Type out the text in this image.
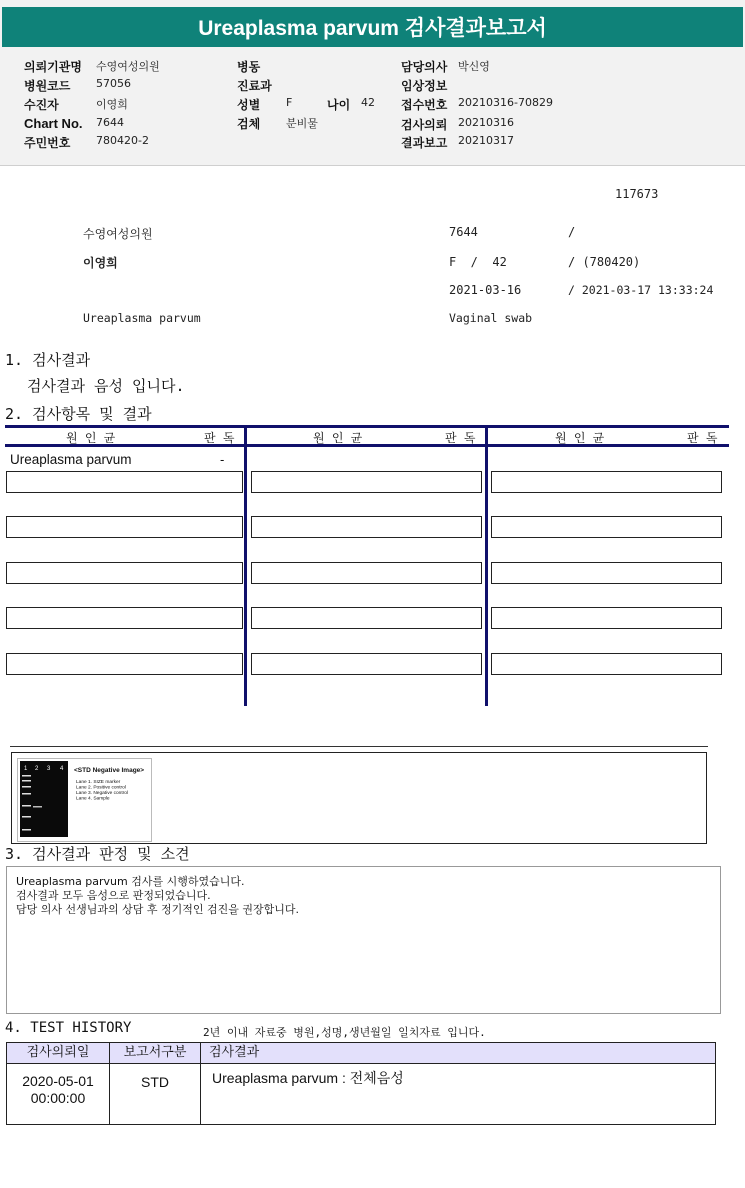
Ureaplasma parvum 검사결과보고서
의뢰기관명 수영여성의원
병원코드 57056
수진자	이영희
Chart No. 7644
주민번호 780420-2
병동
진료과
성별 F	나이 42
검체 분비물
담당의사 박신영
임상정보
접수번호 20210316-70829
검사의뢰 20210316
결과보고 20210317
117673
수영여성의원	7644	/
이영희	F  /  42	/ (780420)
2021-03-16	/ 2021-03-17 13:33:24
Ureaplasma parvum	Vaginal swab
1. 검사결과
검사결과 음성 입니다.
2. 검사항목 및 결과
원 인 균	판 독	원 인 균	판 독	원 인 균	판 독
Ureaplasma parvum	-
1 2 3 4 <STD Negative Image>
Lane 1. SIZE marker
Lane 2. Positive control
Lane 3. Negative control
Lane 4. Sample
3. 검사결과 판정 및 소견
Ureaplasma parvum 검사를 시행하였습니다.
검사결과 모두 음성으로 판정되었습니다.
담당 의사 선생님과의 상담 후 정기적인 검진을 권장합니다.
4. TEST HISTORY	2년 이내 자료중 병원,성명,생년월일 일치자료 입니다.
검사의뢰일	보고서구분	검사결과
2020-05-01
00:00:00
STD	Ureaplasma parvum : 전체음성
